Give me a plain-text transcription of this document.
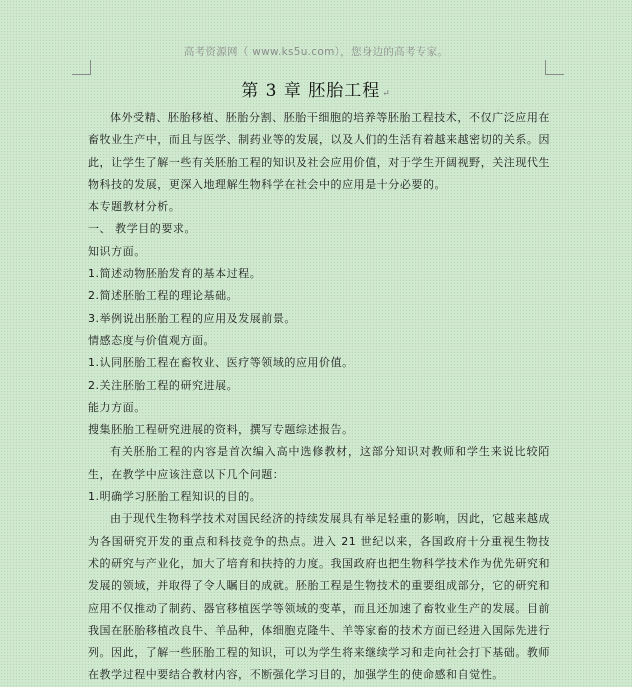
高考资源网（ www.ks5u.com），您身边的高考专家。
第 3 章 胚胎工程 ↵

体外受精、胚胎移植、胚胎分割、胚胎干细胞的培养等胚胎工程技术，不仅广泛应用在畜牧业生产中，而且与医学、制药业等的发展，以及人们的生活有着越来越密切的关系。因此，让学生了解一些有关胚胎工程的知识及社会应用价值，对于学生开阔视野，关注现代生物科技的发展，更深入地理解生物科学在社会中的应用是十分必要的。

本专题教材分析。

一、 教学目的要求。

知识方面。

1.简述动物胚胎发育的基本过程。

2.简述胚胎工程的理论基础。

3.举例说出胚胎工程的应用及发展前景。

情感态度与价值观方面。

1.认同胚胎工程在畜牧业、医疗等领域的应用价值。

2.关注胚胎工程的研究进展。

能力方面。

搜集胚胎工程研究进展的资料，撰写专题综述报告。

有关胚胎工程的内容是首次编入高中选修教材，这部分知识对教师和学生来说比较陌生，在教学中应该注意以下几个问题：

1.明确学习胚胎工程知识的目的。

由于现代生物科学技术对国民经济的持续发展具有举足轻重的影响，因此，它越来越成为各国研究开发的重点和科技竞争的热点。进入 21 世纪以来，各国政府十分重视生物技术的研究与产业化，加大了培育和扶持的力度。我国政府也把生物科学技术作为优先研究和发展的领域，并取得了令人瞩目的成就。胚胎工程是生物技术的重要组成部分，它的研究和应用不仅推动了制药、器官移植医学等领域的变革，而且还加速了畜牧业生产的发展。目前我国在胚胎移植改良牛、羊品种，体细胞克隆牛、羊等家畜的技术方面已经进入国际先进行列。因此，了解一些胚胎工程的知识，可以为学生将来继续学习和走向社会打下基础。教师在教学过程中要结合教材内容，不断强化学习目的，加强学生的使命感和自觉性。
